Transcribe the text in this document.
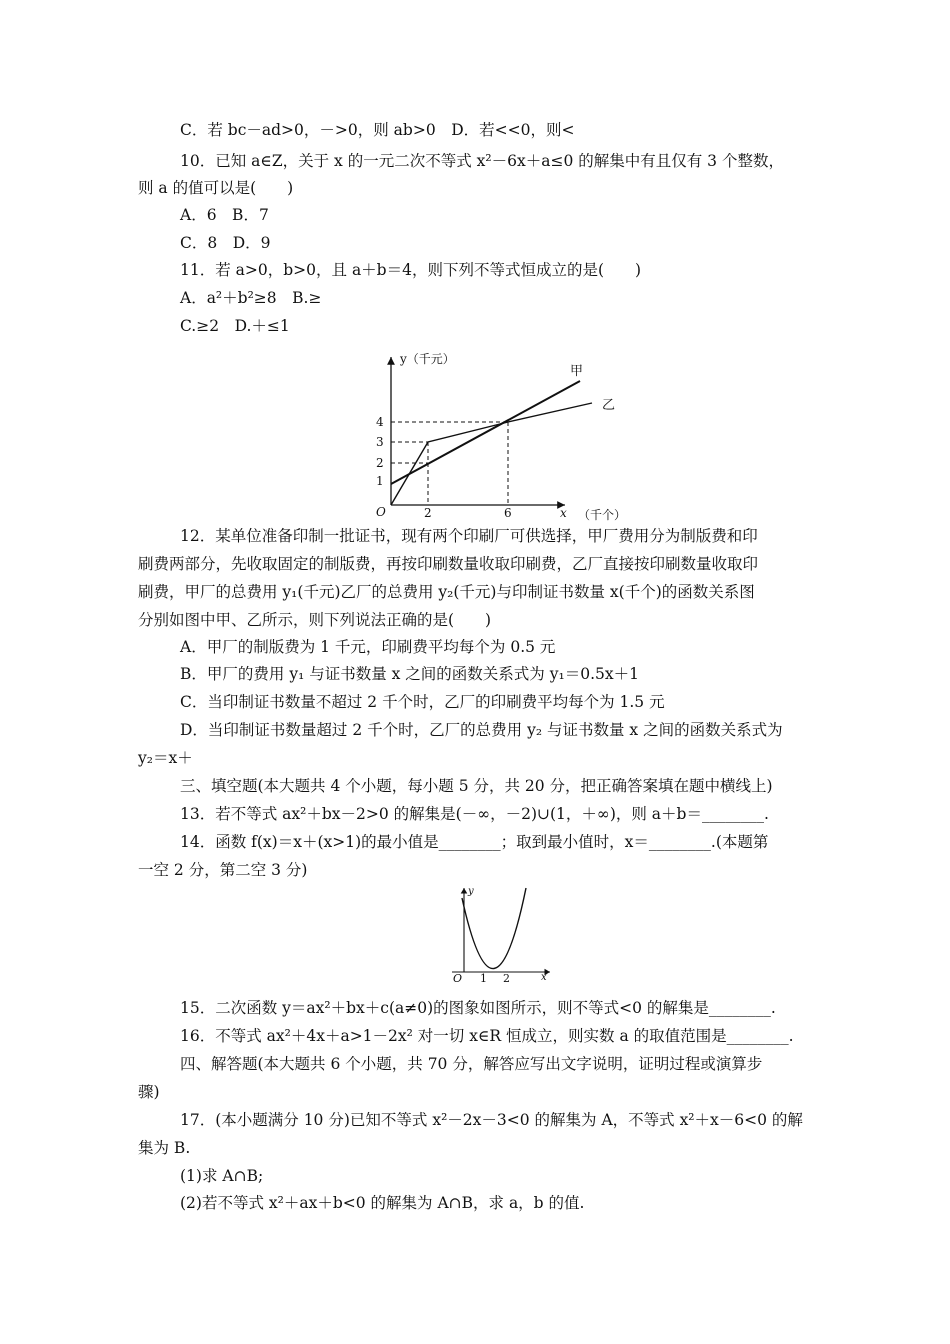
C．若 bc－ad>0，－>0，则 ab>0　D．若<<0，则<
10．已知 a∈Z，关于 x 的一元二次不等式 x²－6x＋a≤0 的解集中有且仅有 3 个整数，
则 a 的值可以是(　　)
A．6　B．7
C．8　D．9
11．若 a>0，b>0，且 a＋b＝4，则下列不等式恒成立的是(　　)
A．a²＋b²≥8　B.≥
C.≥2　D.＋≤1
12．某单位准备印制一批证书，现有两个印刷厂可供选择，甲厂费用分为制版费和印
刷费两部分，先收取固定的制版费，再按印刷数量收取印刷费，乙厂直接按印刷数量收取印
刷费，甲厂的总费用 y₁(千元)乙厂的总费用 y₂(千元)与印制证书数量 x(千个)的函数关系图
分别如图中甲、乙所示，则下列说法正确的是(　　)
A．甲厂的制版费为 1 千元，印刷费平均每个为 0.5 元
B．甲厂的费用 y₁ 与证书数量 x 之间的函数关系式为 y₁＝0.5x＋1
C．当印制证书数量不超过 2 千个时，乙厂的印刷费平均每个为 1.5 元
D．当印制证书数量超过 2 千个时，乙厂的总费用 y₂ 与证书数量 x 之间的函数关系式为
y₂＝x＋
三、填空题(本大题共 4 个小题，每小题 5 分，共 20 分，把正确答案填在题中横线上)
13．若不等式 ax²＋bx－2>0 的解集是(－∞，－2)∪(1，＋∞)，则 a＋b＝________.
14．函数 f(x)＝x＋(x>1)的最小值是________；取到最小值时，x＝________.(本题第
一空 2 分，第二空 3 分)
15．二次函数 y＝ax²＋bx＋c(a≠0)的图象如图所示，则不等式<0 的解集是________.
16．不等式 ax²＋4x＋a>1－2x² 对一切 x∈R 恒成立，则实数 a 的取值范围是________.
四、解答题(本大题共 6 个小题，共 70 分，解答应写出文字说明，证明过程或演算步
骤)
17．(本小题满分 10 分)已知不等式 x²－2x－3<0 的解集为 A，不等式 x²＋x－6<0 的解
集为 B.
(1)求 A∩B;
(2)若不等式 x²＋ax＋b<0 的解集为 A∩B，求 a，b 的值.
y（千元）
甲
乙
4
3
2
1
O	2	6	x （千个）
y
O 1 2	x
